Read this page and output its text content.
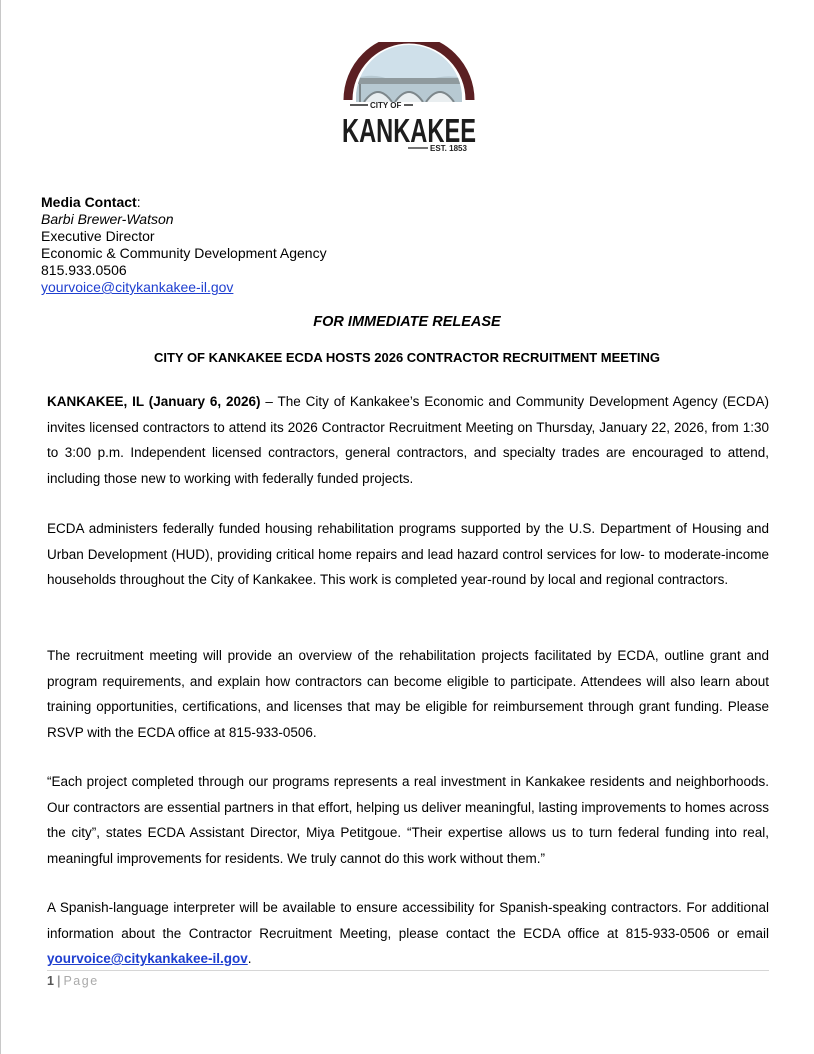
CITY OF
KANKAKEE
EST. 1853
Media Contact:
Barbi Brewer-Watson
Executive Director
Economic & Community Development Agency
815.933.0506
yourvoice@citykankakee-il.gov
FOR IMMEDIATE RELEASE
CITY OF KANKAKEE ECDA HOSTS 2026 CONTRACTOR RECRUITMENT MEETING
KANKAKEE, IL (January 6, 2026) – The City of Kankakee’s Economic and Community Development Agency (ECDA) invites licensed contractors to attend its 2026 Contractor Recruitment Meeting on Thursday, January 22, 2026, from 1:30 to 3:00 p.m. Independent licensed contractors, general contractors, and specialty trades are encouraged to attend, including those new to working with federally funded projects.
ECDA administers federally funded housing rehabilitation programs supported by the U.S. Department of Housing and Urban Development (HUD), providing critical home repairs and lead hazard control services for low- to moderate-income households throughout the City of Kankakee. This work is completed year-round by local and regional contractors.
The recruitment meeting will provide an overview of the rehabilitation projects facilitated by ECDA, outline grant and program requirements, and explain how contractors can become eligible to participate. Attendees will also learn about training opportunities, certifications, and licenses that may be eligible for reimbursement through grant funding. Please RSVP with the ECDA office at 815-933-0506.
“Each project completed through our programs represents a real investment in Kankakee residents and neighborhoods. Our contractors are essential partners in that effort, helping us deliver meaningful, lasting improvements to homes across the city”, states ECDA Assistant Director, Miya Petitgoue. “Their expertise allows us to turn federal funding into real, meaningful improvements for residents. We truly cannot do this work without them.”
A Spanish-language interpreter will be available to ensure accessibility for Spanish-speaking contractors. For additional information about the Contractor Recruitment Meeting, please contact the ECDA office at 815-933-0506 or email yourvoice@citykankakee-il.gov.
1 | Page
